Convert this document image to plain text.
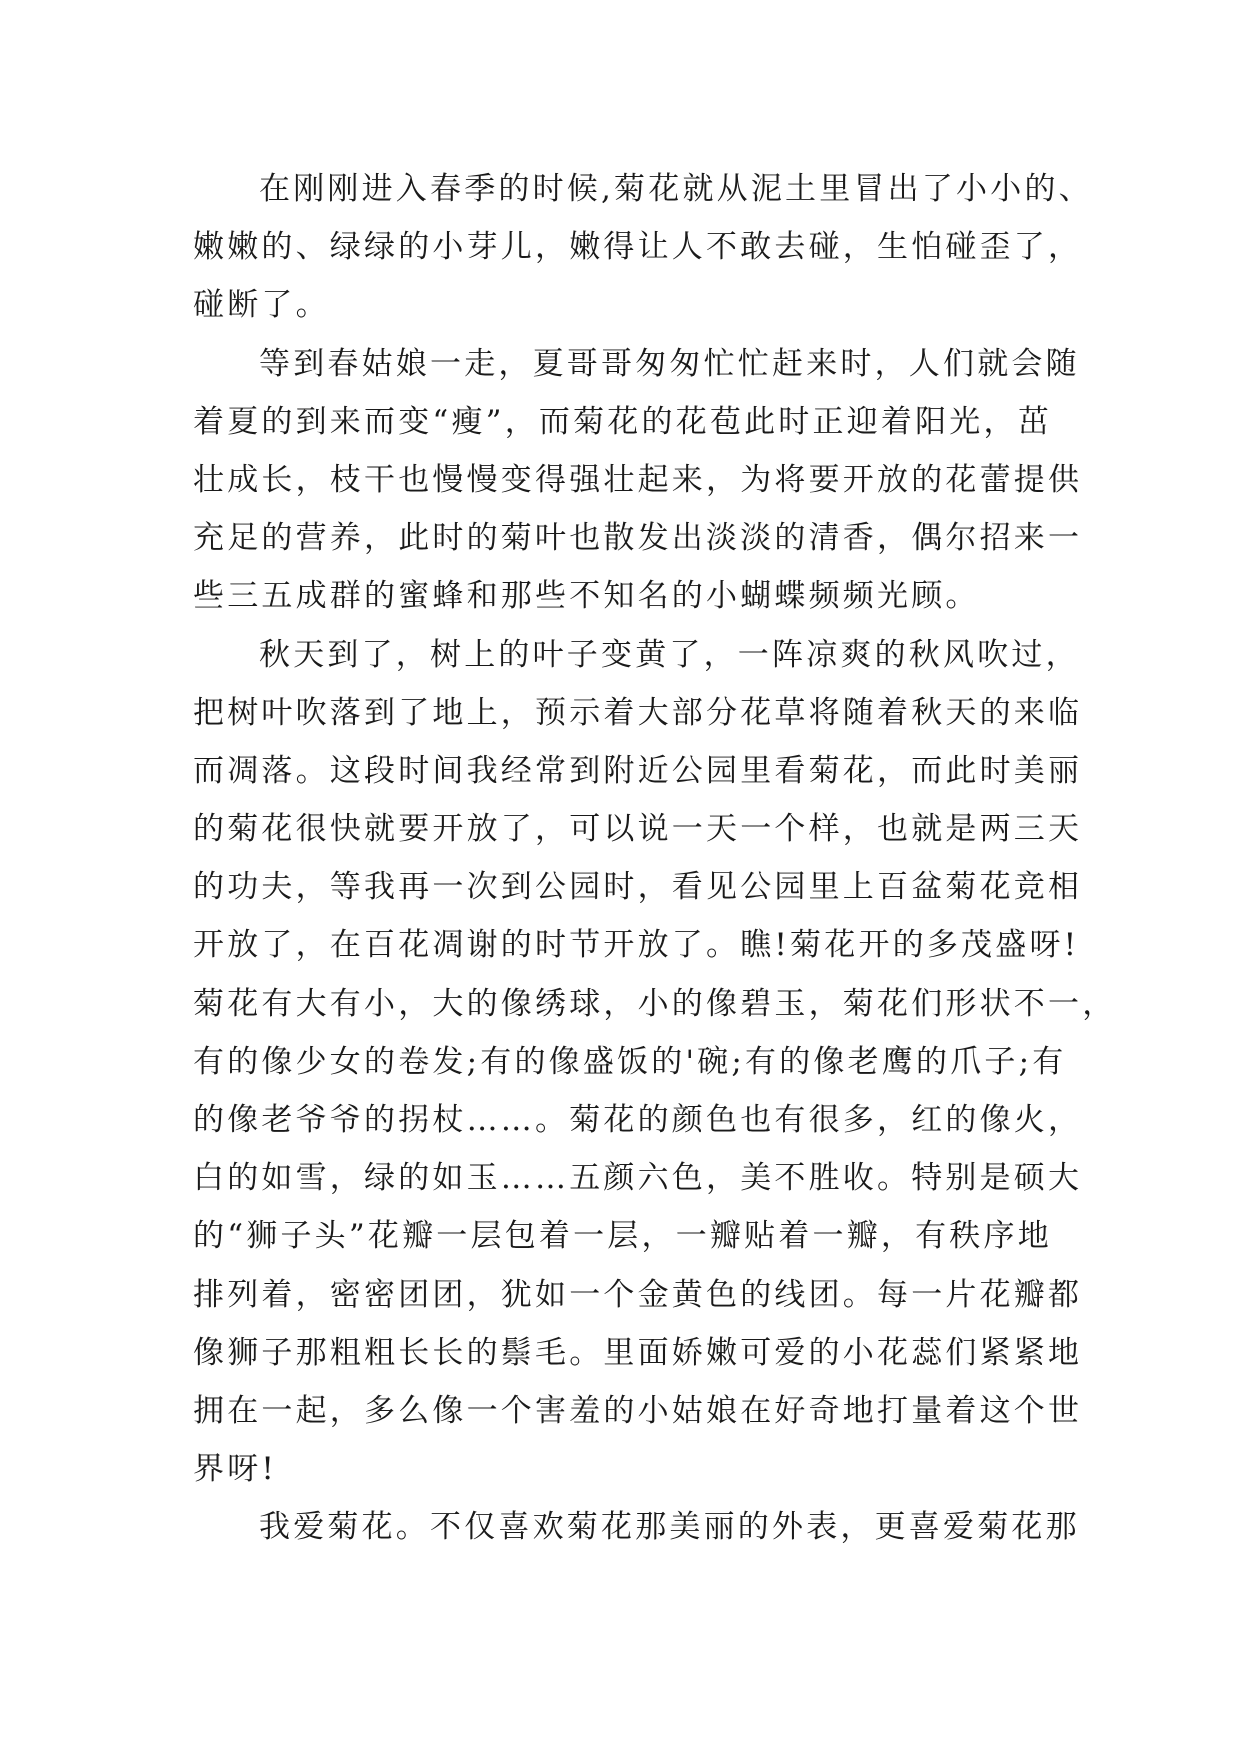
在刚刚进入春季的时候,菊花就从泥土里冒出了小小的、
嫩嫩的、绿绿的小芽儿，嫩得让人不敢去碰，生怕碰歪了，
碰断了。
等到春姑娘一走，夏哥哥匆匆忙忙赶来时，人们就会随
着夏的到来而变“瘦”，而菊花的花苞此时正迎着阳光，茁
壮成长，枝干也慢慢变得强壮起来，为将要开放的花蕾提供
充足的营养，此时的菊叶也散发出淡淡的清香，偶尔招来一
些三五成群的蜜蜂和那些不知名的小蝴蝶频频光顾。
秋天到了，树上的叶子变黄了，一阵凉爽的秋风吹过，
把树叶吹落到了地上，预示着大部分花草将随着秋天的来临
而凋落。这段时间我经常到附近公园里看菊花，而此时美丽
的菊花很快就要开放了，可以说一天一个样，也就是两三天
的功夫，等我再一次到公园时，看见公园里上百盆菊花竞相
开放了，在百花凋谢的时节开放了。瞧!菊花开的多茂盛呀!
菊花有大有小，大的像绣球，小的像碧玉，菊花们形状不一，
有的像少女的卷发;有的像盛饭的'碗;有的像老鹰的爪子;有
的像老爷爷的拐杖……。菊花的颜色也有很多，红的像火，
白的如雪，绿的如玉……五颜六色，美不胜收。特别是硕大
的“狮子头”花瓣一层包着一层，一瓣贴着一瓣，有秩序地
排列着，密密团团，犹如一个金黄色的线团。每一片花瓣都
像狮子那粗粗长长的鬃毛。里面娇嫩可爱的小花蕊们紧紧地
拥在一起，多么像一个害羞的小姑娘在好奇地打量着这个世
界呀!
我爱菊花。不仅喜欢菊花那美丽的外表，更喜爱菊花那
